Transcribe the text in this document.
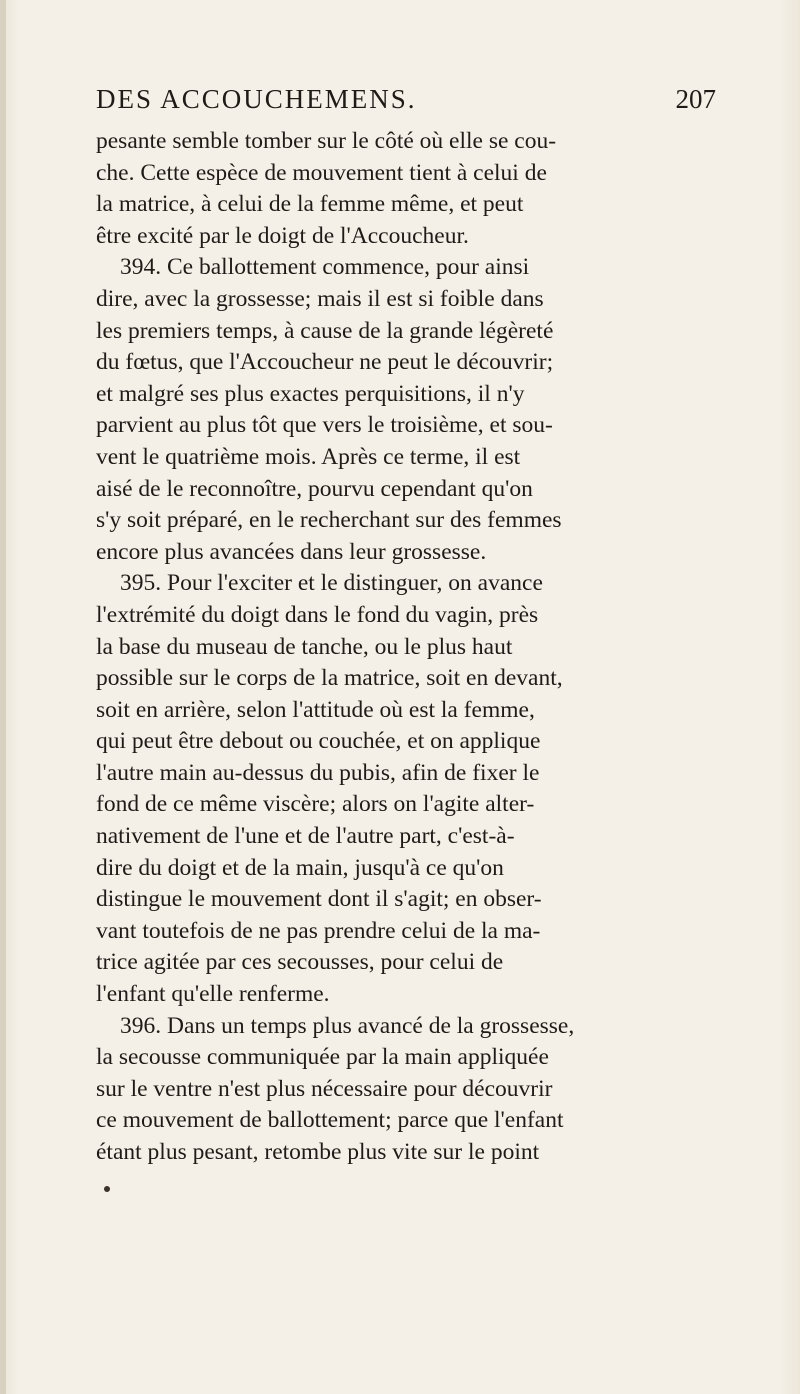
DES ACCOUCHEMENS.	207

pesante semble tomber sur le côté où elle se cou-
che. Cette espèce de mouvement tient à celui de
la matrice, à celui de la femme même, et peut
être excité par le doigt de l'Accoucheur.

394. Ce ballottement commence, pour ainsi
dire, avec la grossesse; mais il est si foible dans
les premiers temps, à cause de la grande légèreté
du fœtus, que l'Accoucheur ne peut le découvrir;
et malgré ses plus exactes perquisitions, il n'y
parvient au plus tôt que vers le troisième, et sou-
vent le quatrième mois. Après ce terme, il est
aisé de le reconnoître, pourvu cependant qu'on
s'y soit préparé, en le recherchant sur des femmes
encore plus avancées dans leur grossesse.

395. Pour l'exciter et le distinguer, on avance
l'extrémité du doigt dans le fond du vagin, près
la base du museau de tanche, ou le plus haut
possible sur le corps de la matrice, soit en devant,
soit en arrière, selon l'attitude où est la femme,
qui peut être debout ou couchée, et on applique
l'autre main au-dessus du pubis, afin de fixer le
fond de ce même viscère; alors on l'agite alter-
nativement de l'une et de l'autre part, c'est-à-
dire du doigt et de la main, jusqu'à ce qu'on
distingue le mouvement dont il s'agit; en obser-
vant toutefois de ne pas prendre celui de la ma-
trice agitée par ces secousses, pour celui de
l'enfant qu'elle renferme.

396. Dans un temps plus avancé de la grossesse,
la secousse communiquée par la main appliquée
sur le ventre n'est plus nécessaire pour découvrir
ce mouvement de ballottement; parce que l'enfant
étant plus pesant, retombe plus vite sur le point
